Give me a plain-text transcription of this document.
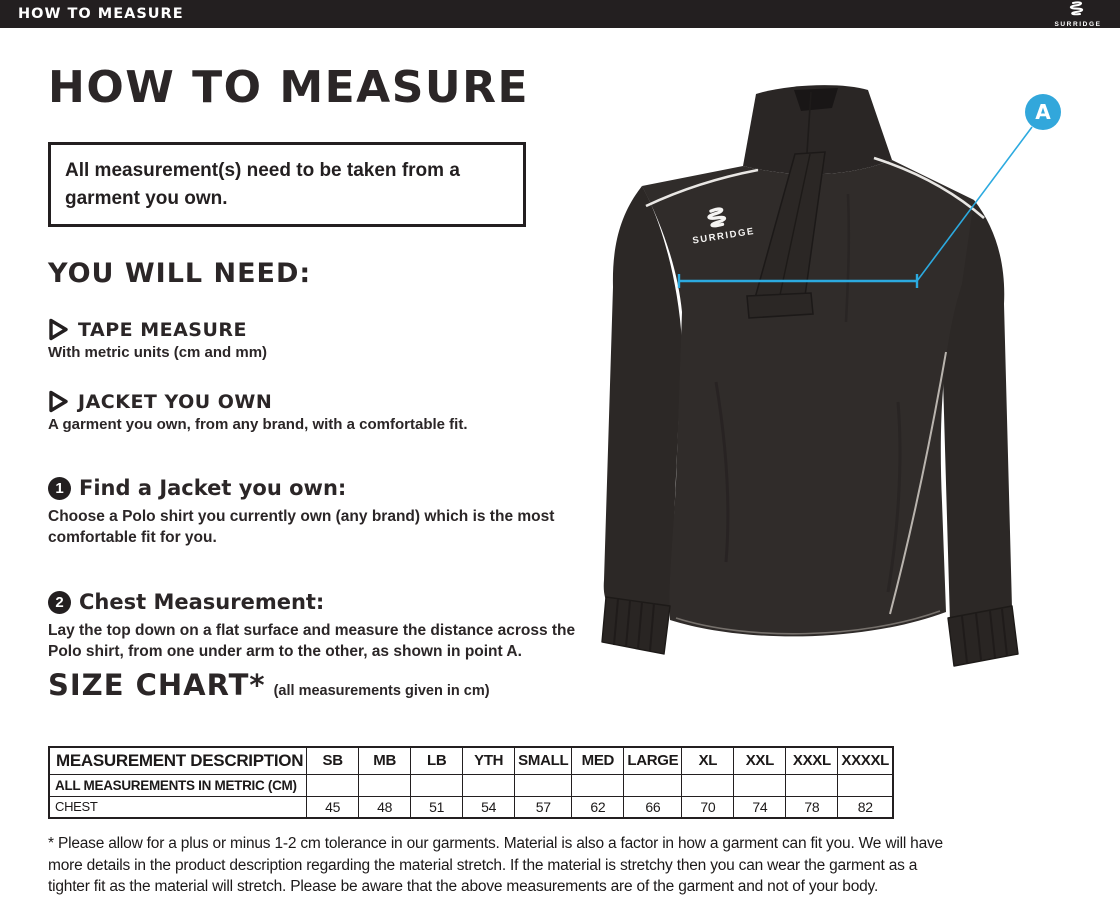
HOW TO MEASURE
SURRIDGE
HOW TO MEASURE

All measurement(s) need to be taken from a garment you own.

YOU WILL NEED:
TAPE MEASURE
With metric units (cm and mm)
JACKET YOU OWN
A garment you own, from any brand, with a comfortable fit.
1 Find a Jacket you own:

Choose a Polo shirt you currently own (any brand) which is the most comfortable fit for you.

2 Chest Measurement:

Lay the top down on a flat surface and measure the distance across the Polo shirt, from one under arm to the other, as shown in point A.

SIZE CHART* (all measurements given in cm)
MEASUREMENT DESCRIPTION	SB	MB	LB	YTH	SMALL	MED	LARGE	XL	XXL	XXXL	XXXXL
ALL MEASUREMENTS IN METRIC (CM)											
CHEST	45	48	51	54	57	62	66	70	74	78	82

* Please allow for a plus or minus 1-2 cm tolerance in our garments. Material is also a factor in how a garment can fit you. We will have more details in the product description regarding the material stretch. If the material is stretchy then you can wear the garment as a tighter fit as the material will stretch. Please be aware that the above measurements are of the garment and not of your body.

SURRIDGE
A
